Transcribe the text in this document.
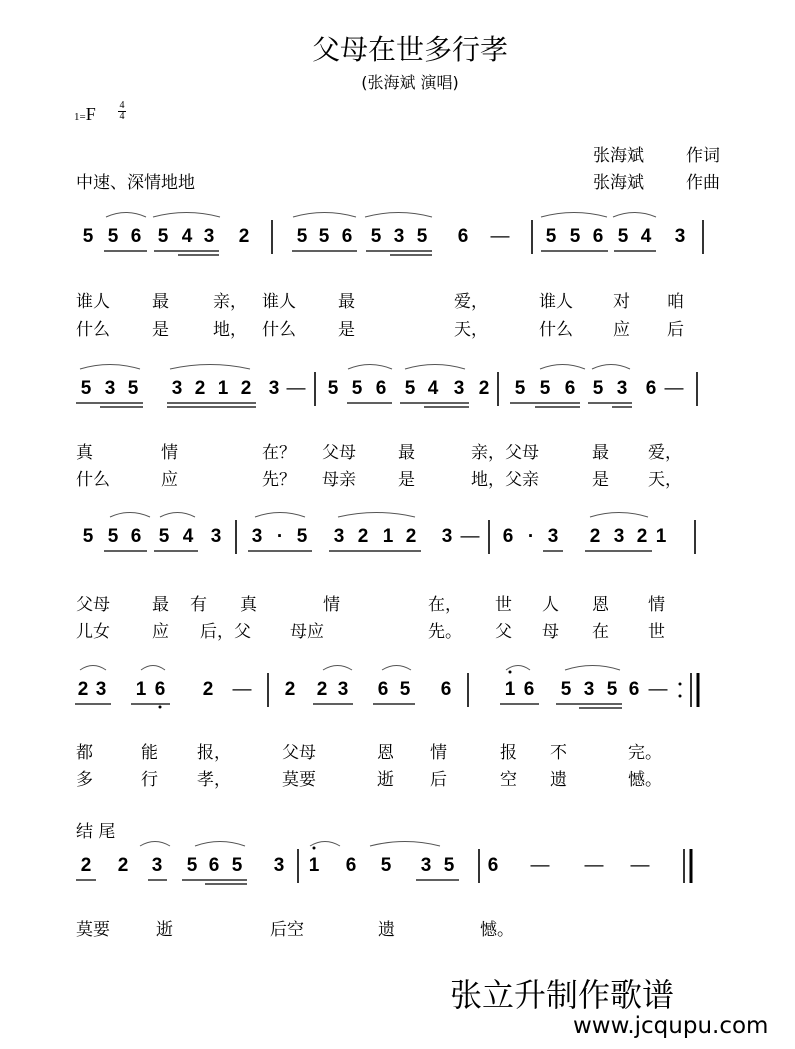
父母在世多行孝
(张海斌 演唱)
1=F 4
4
张海斌 作词
中速、深情地地	张海斌 作曲
结 尾
5 5 6 5 4 3 2 5 5 6 5 3 5 6 — 5 5 6 5 4 3
谁人 最	亲， 谁人 最	爱，	谁人 对 咱
什么 是	地， 什么 是	天，	什么 应 后
5 3 5 3 2 1 2 3 — 5 5 6 5 4 3 2 5 5 6 5 3 6 —
真	情	在？ 父母 最	亲，父母	最 爱，
什么	应	先？ 母亲 是	地，父亲	是 天，
5 5 6 5 4 3 3 · 5 3 2 1 2 3 — 6 · 3 2 3 2 1
父母 最 有 真	情	在， 世 人 恩 情
儿女 应 后，父 母应	先。 父 母 在 世
2 3 1 6 2 — 2 2 3 6 5 6	1 6 5 3 5 6 —
都	能 报，	父母	恩 情	报 不	完。
多	行 孝，	莫要	逝 后	空 遗	憾。
2 2 3 5 6 5 3 1 6 5 3 5 6 — — —
莫要	逝	后空	遗	憾。
张立升制作歌谱
www.jcqupu.com
